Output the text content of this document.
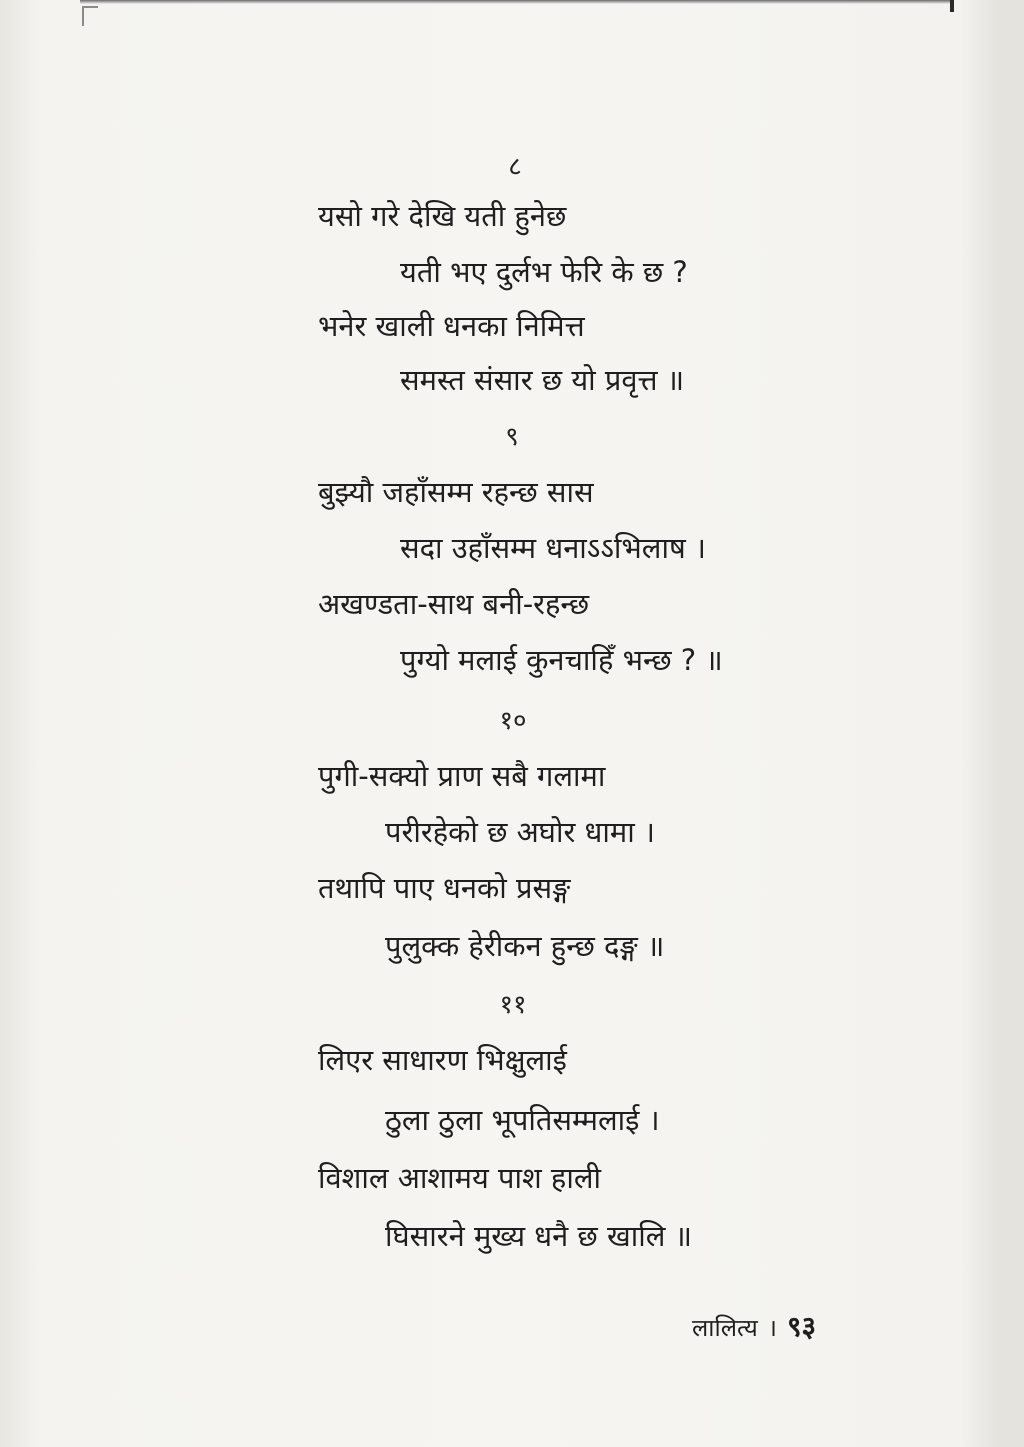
८
यसो गरे देखि यती हुनेछ
यती भए दुर्लभ फेरि के छ ?
भनेर खाली धनका निमित्त
समस्त संसार छ यो प्रवृत्त ॥
९
बुझ्यौ जहाँसम्म रहन्छ सास
सदा उहाँसम्म धनाऽऽभिलाष ।
अखण्डता-साथ बनी-रहन्छ
पुग्यो मलाई कुनचाहिँ भन्छ ? ॥
१०
पुगी-सक्यो प्राण सबै गलामा
परीरहेको छ अघोर धामा ।
तथापि पाए धनको प्रसङ्ग
पुलुक्क हेरीकन हुन्छ दङ्ग ॥
११
लिएर साधारण भिक्षुलाई
ठुला ठुला भूपतिसम्मलाई ।
विशाल आशामय पाश हाली
घिसारने मुख्य धनै छ खालि ॥
लालित्य । ९३
